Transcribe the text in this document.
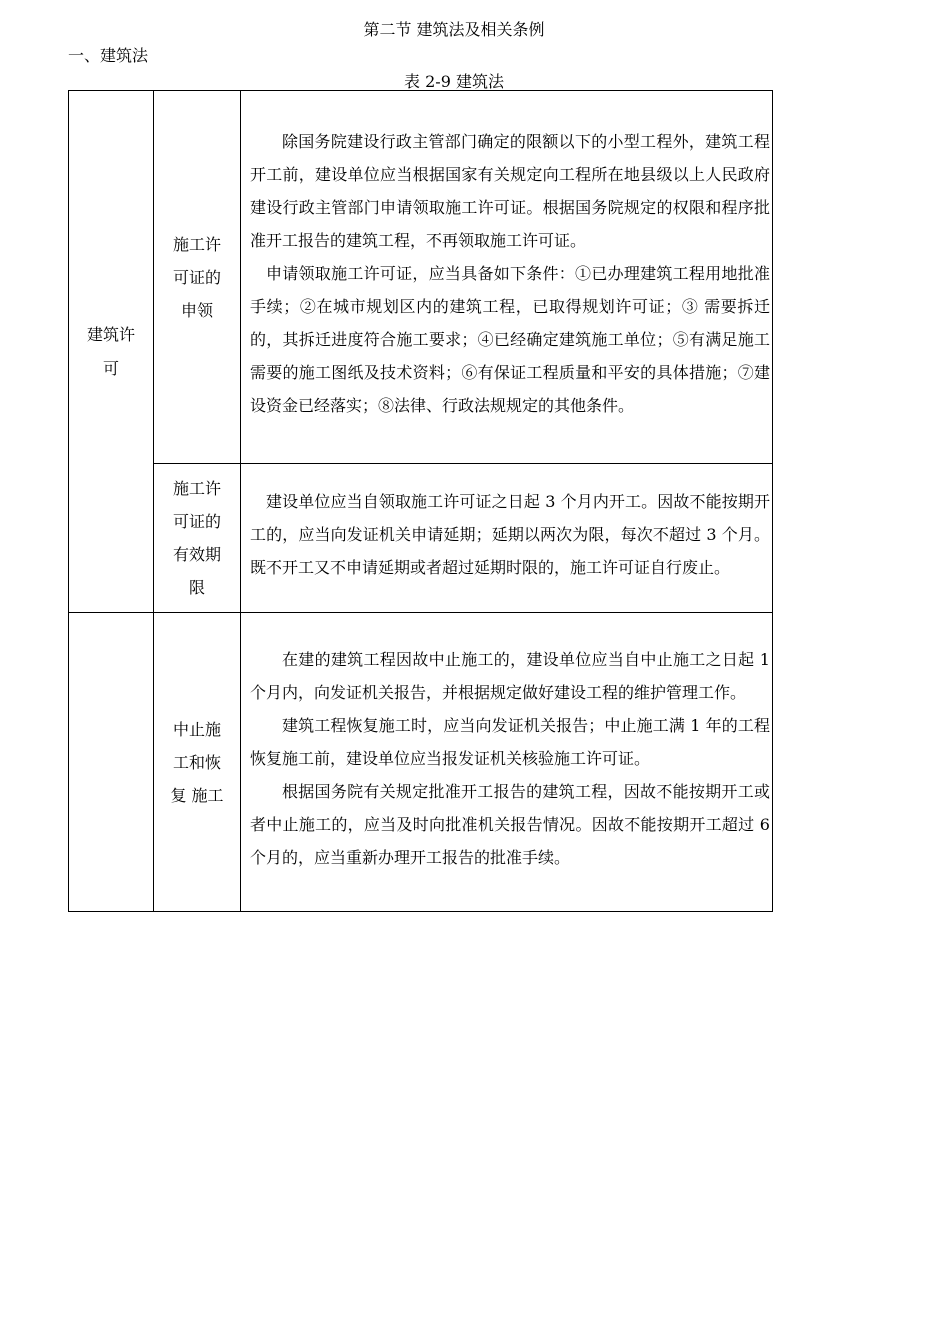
第二节 建筑法及相关条例
一、建筑法
表 2-9 建筑法
建筑许可	施工许可证的申领	除国务院建设行政主管部门确定的限额以下的小型工程外，建筑工程开工前，建设单位应当根据国家有关规定向工程所在地县级以上人民政府建设行政主管部门申请领取施工许可证。根据国务院规定的权限和程序批准开工报告的建筑工程，不再领取施工许可证。

申请领取施工许可证，应当具备如下条件：①已办理建筑工程用地批准手续；②在城市规划区内的建筑工程，已取得规划许可证；③ 需要拆迁的，其拆迁进度符合施工要求；④已经确定建筑施工单位；⑤有满足施工需要的施工图纸及技术资料；⑥有保证工程质量和平安的具体措施；⑦建设资金已经落实；⑧法律、行政法规规定的其他条件。

	施工许可证的有效期限	建设单位应当自领取施工许可证之日起 3 个月内开工。因故不能按期开工的，应当向发证机关申请延期；延期以两次为限，每次不超过 3 个月。既不开工又不申请延期或者超过延期时限的，施工许可证自行废止。

	中止施工和恢复 施工	在建的建筑工程因故中止施工的，建设单位应当自中止施工之日起 1 个月内，向发证机关报告，并根据规定做好建设工程的维护管理工作。

建筑工程恢复施工时，应当向发证机关报告；中止施工满 1 年的工程恢复施工前，建设单位应当报发证机关核验施工许可证。

根据国务院有关规定批准开工报告的建筑工程，因故不能按期开工或者中止施工的，应当及时向批准机关报告情况。因故不能按期开工超过 6 个月的，应当重新办理开工报告的批准手续。
